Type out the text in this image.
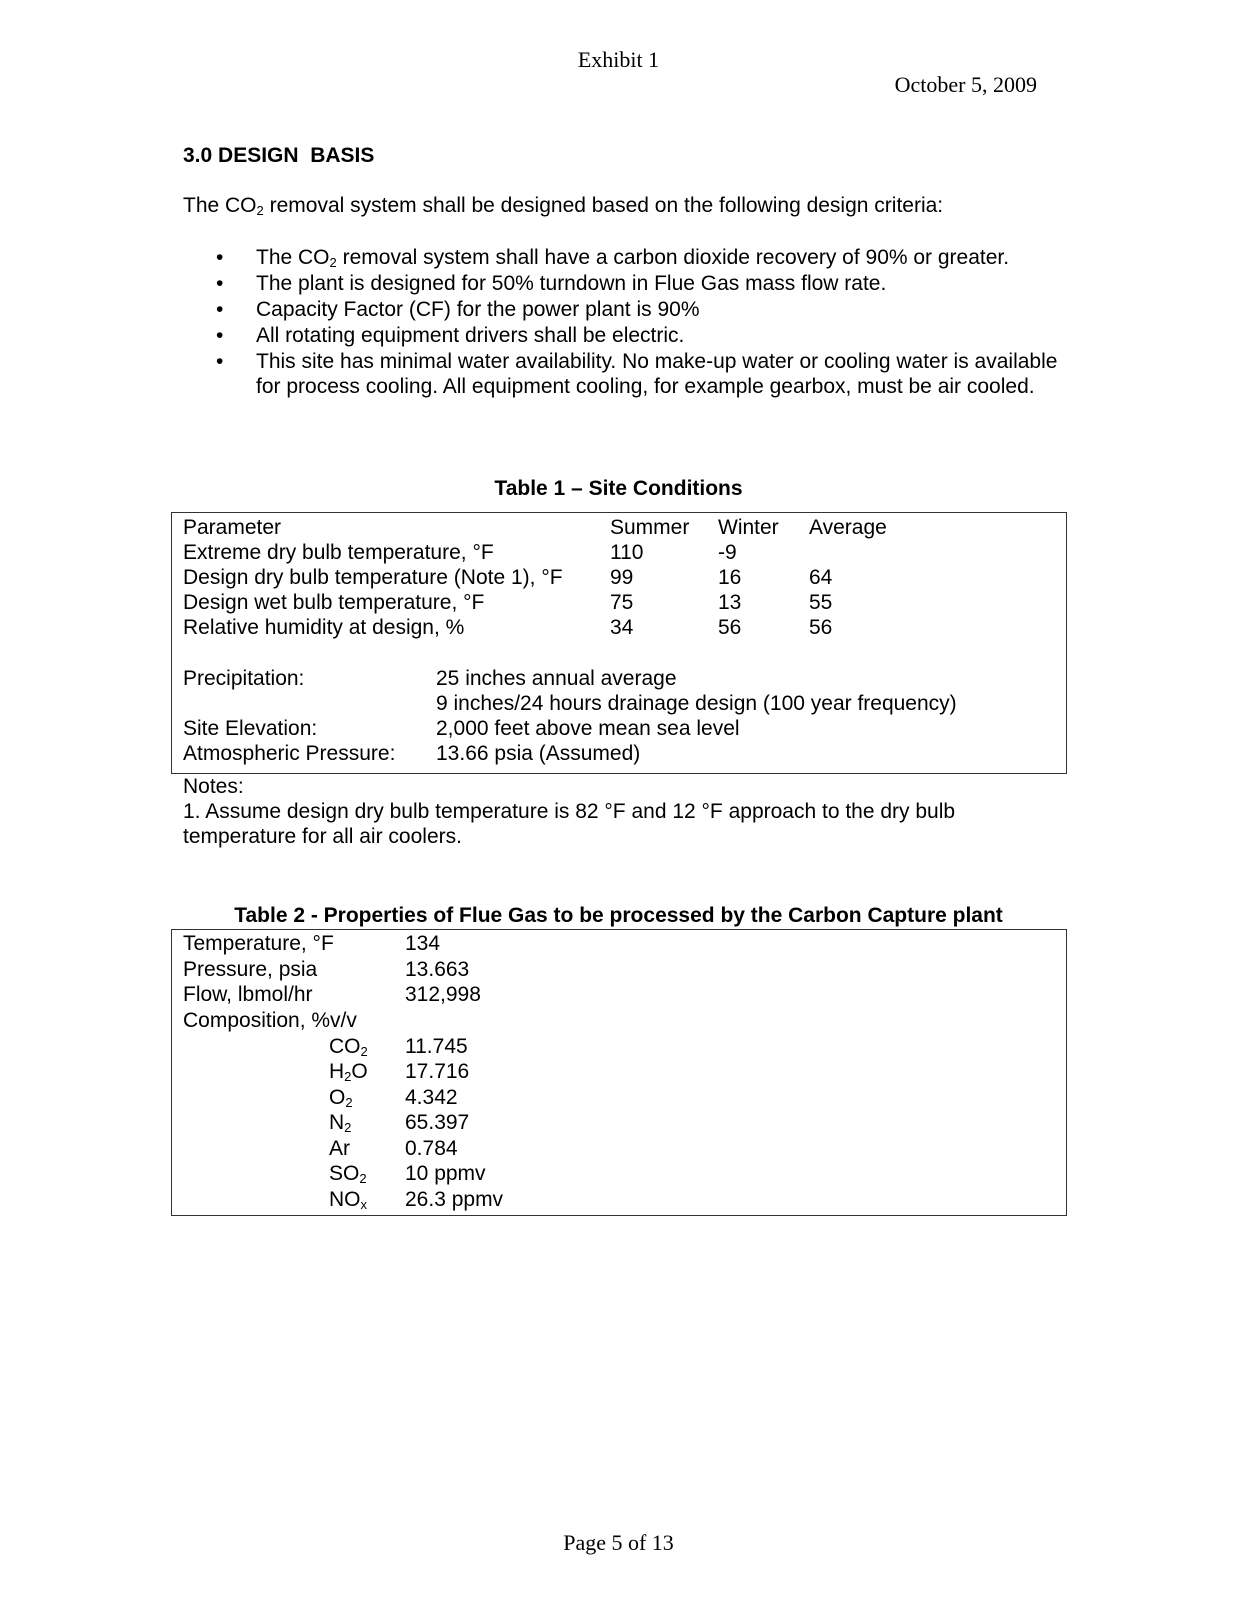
Exhibit 1
October 5, 2009
3.0 DESIGN  BASIS
The $CO_2$ removal system shall be designed based on the following design criteria:
• The $CO_2$ removal system shall have a carbon dioxide recovery of 90% or greater.
• The plant is designed for 50% turndown in Flue Gas mass flow rate.
• Capacity Factor (CF) for the power plant is 90%
• All rotating equipment drivers shall be electric.
• This site has minimal water availability. No make-up water or cooling water is available for process cooling. All equipment cooling, for example gearbox, must be air cooled.
Table 1 – Site Conditions
Parameter	Summer Winter Average
Extreme dry bulb temperature, °F	110	-9
Design dry bulb temperature (Note 1), °F 99	16	64
Design wet bulb temperature, °F	75	13	55
Relative humidity at design, %	34	56	56
Precipitation:	25 inches annual average
9 inches/24 hours drainage design (100 year frequency)
Site Elevation:	2,000 feet above mean sea level
Atmospheric Pressure: 13.66 psia (Assumed)
Notes:
1. Assume design dry bulb temperature is 82 °F and 12 °F approach to the dry bulb
temperature for all air coolers.
Table 2 - Properties of Flue Gas to be processed by the Carbon Capture plant
Temperature, °F	134
Pressure, psia	13.663
Flow, lbmol/hr	312,998
Composition, %v/v
$CO_2$ 11.745
$H_2O$ 17.716
$O_2$ 4.342
$N_2$	65.397
Ar	0.784
$SO_2$ 10 ppmv
$NO_x$ 26.3 ppmv
Page 5 of 13
